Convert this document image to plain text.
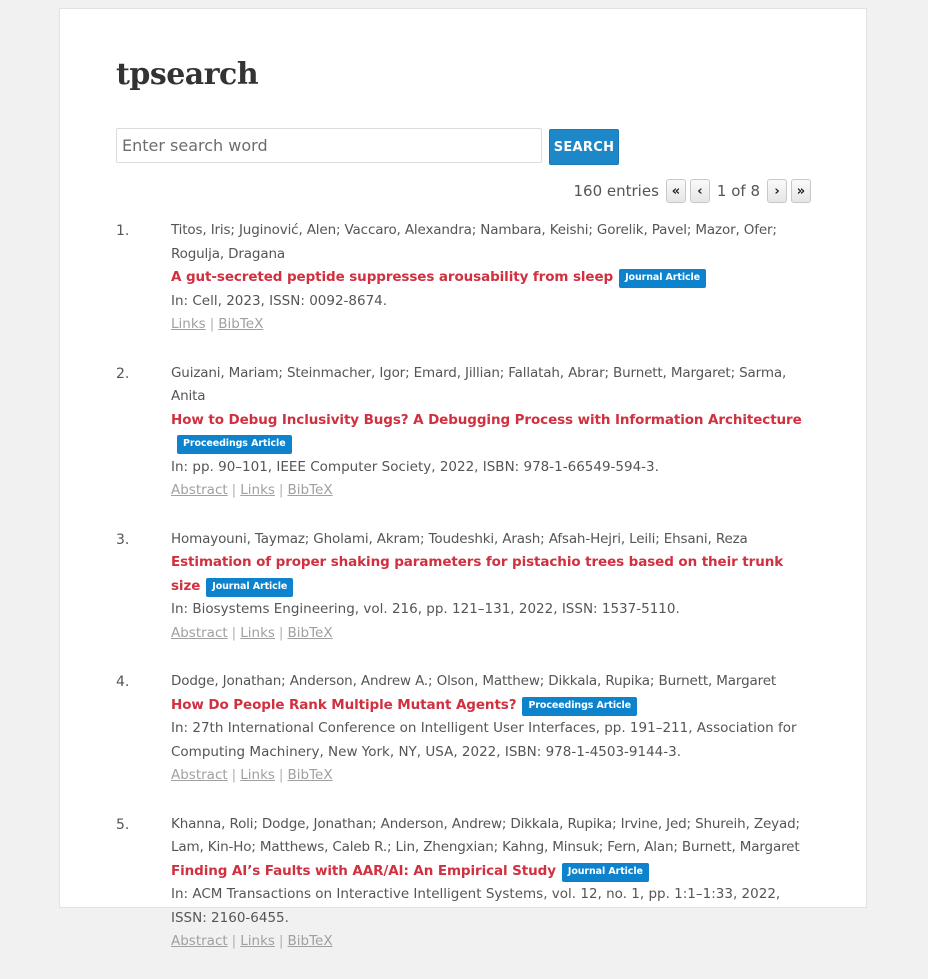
tpsearch
Enter search word
SEARCH
160 entries «	‹ 1 of 8	›	»
1.	Titos, Iris; Juginović, Alen; Vaccaro, Alexandra; Nambara, Keishi; Gorelik, Pavel; Mazor, Ofer; Rogulja, Dragana
A gut-secreted peptide suppresses arousability from sleep Journal Article
In: Cell, 2023, ISSN: 0092-8674.
Links | BibTeX
2.	Guizani, Mariam; Steinmacher, Igor; Emard, Jillian; Fallatah, Abrar; Burnett, Margaret; Sarma, Anita
How to Debug Inclusivity Bugs? A Debugging Process with Information ArchitectureProceedings Article
In: pp. 90–101, IEEE Computer Society, 2022, ISBN: 978-1-66549-594-3.
Abstract | Links | BibTeX
3.	Homayouni, Taymaz; Gholami, Akram; Toudeshki, Arash; Afsah-Hejri, Leili; Ehsani, Reza
Estimation of proper shaking parameters for pistachio trees based on their trunk size Journal Article
In: Biosystems Engineering, vol. 216, pp. 121–131, 2022, ISSN: 1537-5110.
Abstract | Links | BibTeX
4.	Dodge, Jonathan; Anderson, Andrew A.; Olson, Matthew; Dikkala, Rupika; Burnett, Margaret
How Do People Rank Multiple Mutant Agents? Proceedings Article
In: 27th International Conference on Intelligent User Interfaces, pp. 191–211, Association for Computing Machinery, New York, NY, USA, 2022, ISBN: 978-1-4503-9144-3.
Abstract | Links | BibTeX
5.	Khanna, Roli; Dodge, Jonathan; Anderson, Andrew; Dikkala, Rupika; Irvine, Jed; Shureih, Zeyad; Lam, Kin-Ho; Matthews, Caleb R.; Lin, Zhengxian; Kahng, Minsuk; Fern, Alan; Burnett, Margaret
Finding AI’s Faults with AAR/AI: An Empirical Study Journal Article
In: ACM Transactions on Interactive Intelligent Systems, vol. 12, no. 1, pp. 1:1–1:33, 2022, ISSN: 2160-6455.
Abstract | Links | BibTeX
